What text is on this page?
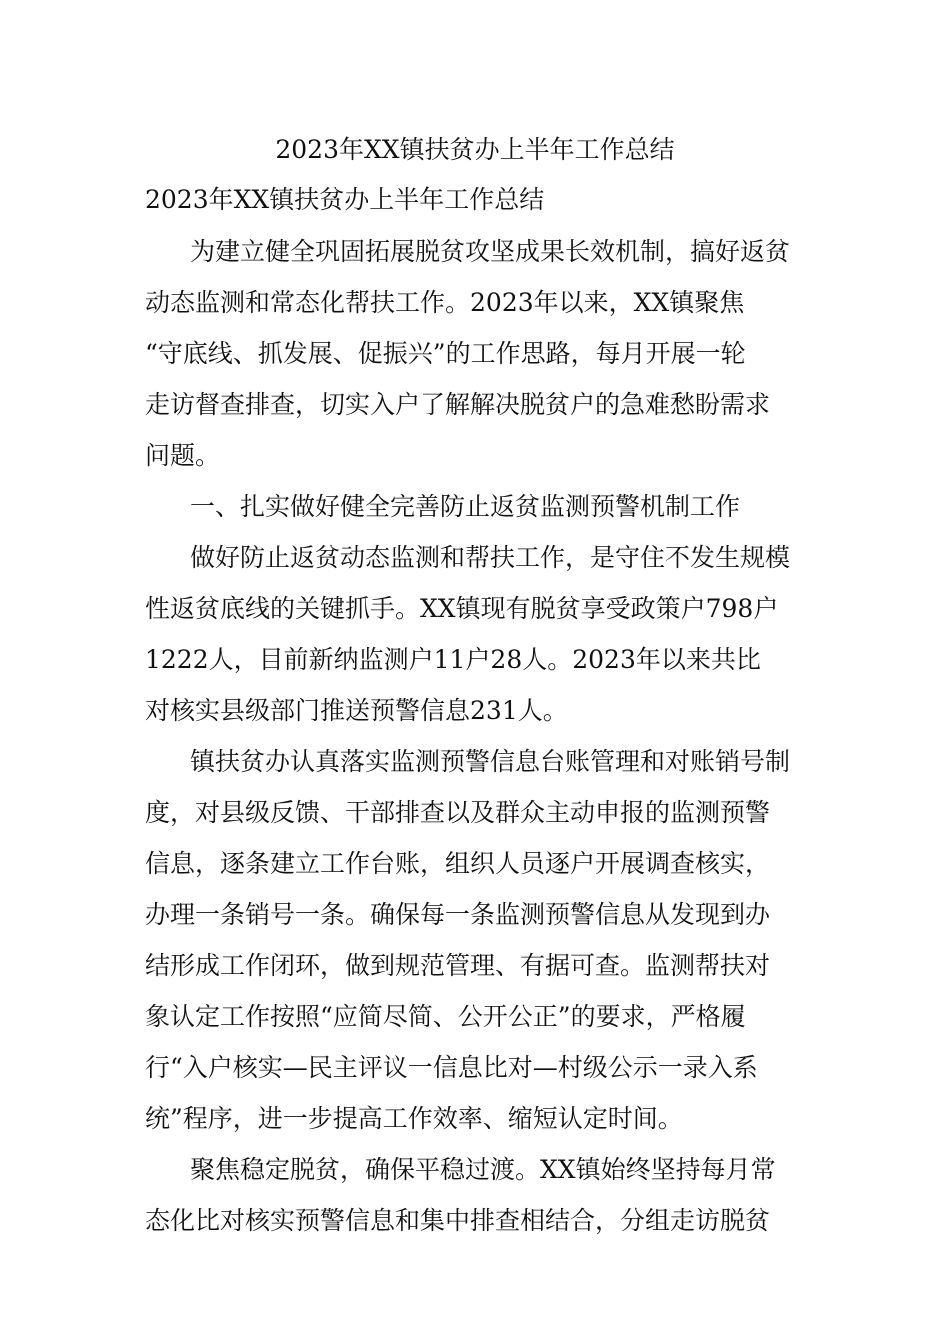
2023年XX镇扶贫办上半年工作总结
2023年XX镇扶贫办上半年工作总结

为建立健全巩固拓展脱贫攻坚成果长效机制，搞好返贫
动态监测和常态化帮扶工作。2023年以来，XX镇聚焦
“守底线、抓发展、促振兴”的工作思路，每月开展一轮
走访督查排查，切实入户了解解决脱贫户的急难愁盼需求
问题。

一、扎实做好健全完善防止返贫监测预警机制工作

做好防止返贫动态监测和帮扶工作，是守住不发生规模
性返贫底线的关键抓手。XX镇现有脱贫享受政策户798户
1222人，目前新纳监测户11户28人。2023年以来共比
对核实县级部门推送预警信息231人。

镇扶贫办认真落实监测预警信息台账管理和对账销号制
度，对县级反馈、干部排查以及群众主动申报的监测预警
信息，逐条建立工作台账，组织人员逐户开展调查核实，
办理一条销号一条。确保每一条监测预警信息从发现到办
结形成工作闭环，做到规范管理、有据可查。监测帮扶对
象认定工作按照“应简尽简、公开公正”的要求，严格履
行“入户核实—民主评议一信息比对—村级公示一录入系
统”程序，进一步提高工作效率、缩短认定时间。

聚焦稳定脱贫，确保平稳过渡。XX镇始终坚持每月常
态化比对核实预警信息和集中排查相结合，分组走访脱贫
